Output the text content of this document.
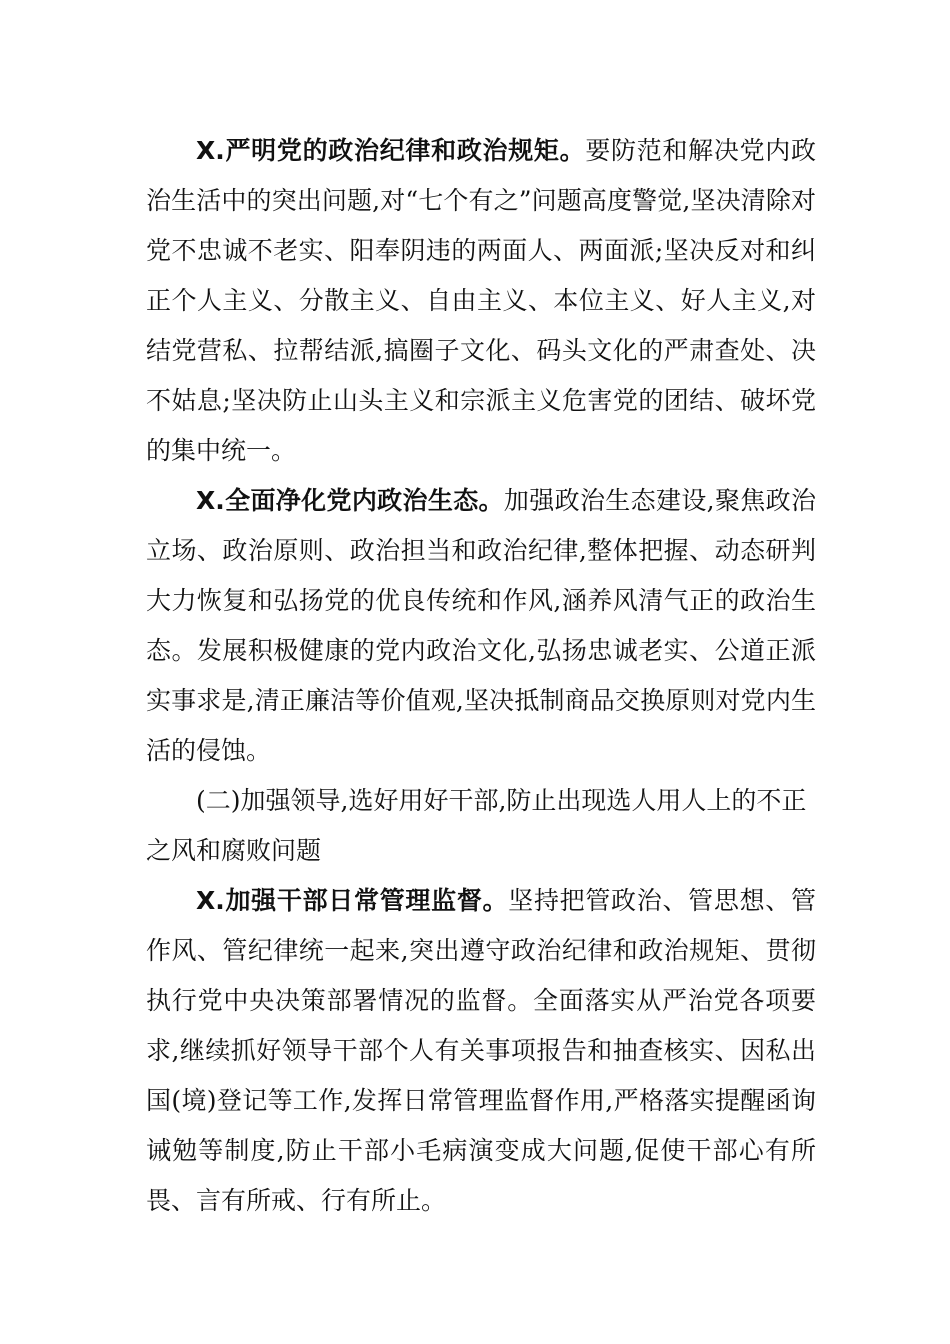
X.严明党的政治纪律和政治规矩。要防范和解决党内政治生活中的突出问题,对“七个有之”问题高度警觉,坚决清除对党不忠诚不老实、阳奉阴违的两面人、两面派;坚决反对和纠正个人主义、分散主义、自由主义、本位主义、好人主义,对结党营私、拉帮结派,搞圈子文化、码头文化的严肃查处、决不姑息;坚决防止山头主义和宗派主义危害党的团结、破坏党的集中统一。

X.全面净化党内政治生态。加强政治生态建设,聚焦政治立场、政治原则、政治担当和政治纪律,整体把握、动态研判大力恢复和弘扬党的优良传统和作风,涵养风清气正的政治生态。发展积极健康的党内政治文化,弘扬忠诚老实、公道正派实事求是,清正廉洁等价值观,坚决抵制商品交换原则对党内生活的侵蚀。

(二)加强领导,选好用好干部,防止出现选人用人上的不正之风和腐败问题

X.加强干部日常管理监督。坚持把管政治、管思想、管作风、管纪律统一起来,突出遵守政治纪律和政治规矩、贯彻执行党中央决策部署情况的监督。全面落实从严治党各项要求,继续抓好领导干部个人有关事项报告和抽查核实、因私出国(境)登记等工作,发挥日常管理监督作用,严格落实提醒函询诫勉等制度,防止干部小毛病演变成大问题,促使干部心有所畏、言有所戒、行有所止。
